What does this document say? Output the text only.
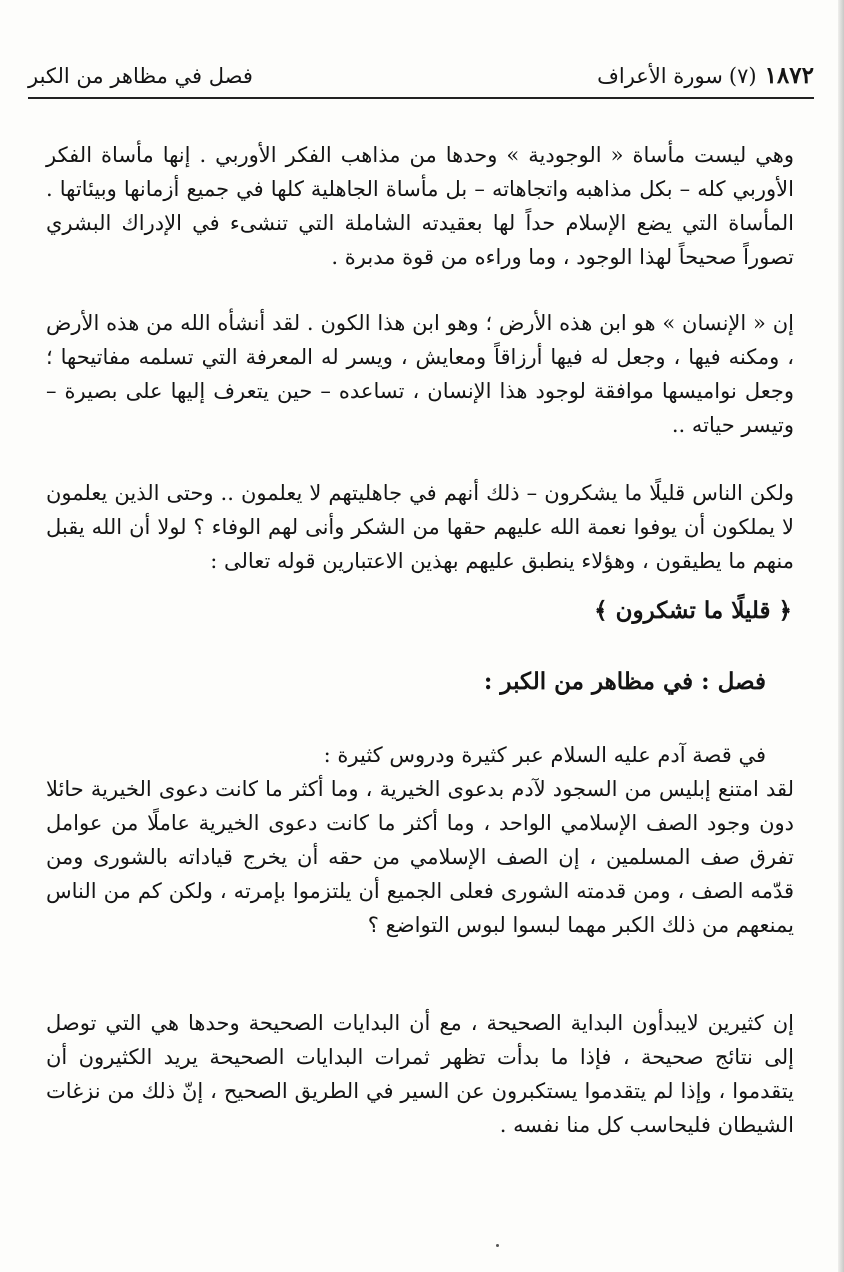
١٨٧٢(٧)سورة الأعراف
فصل في مظاهر من الكبر

وهي ليست مأساة « الوجودية » وحدها من مذاهب الفكر الأوربي . إنها مأساة الفكر الأوربي كله – بكل مذاهبه واتجاهاته – بل مأساة الجاهلية كلها في جميع أزمانها وبيئاتها . المأساة التي يضع الإسلام حداً لها بعقيدته الشاملة التي تنشىء في الإدراك البشري تصوراً صحيحاً لهذا الوجود ، وما وراءه من قوة مدبرة .

إن « الإنسان » هو ابن هذه الأرض ؛ وهو ابن هذا الكون . لقد أنشأه الله من هذه الأرض ، ومكنه فيها ، وجعل له فيها أرزاقاً ومعايش ، ويسر له المعرفة التي تسلمه مفاتيحها ؛ وجعل نواميسها موافقة لوجود هذا الإنسان ، تساعده – حين يتعرف إليها على بصيرة – وتيسر حياته ..

ولكن الناس قليلًا ما يشكرون – ذلك أنهم في جاهليتهم لا يعلمون .. وحتى الذين يعلمون لا يملكون أن يوفوا نعمة الله عليهم حقها من الشكر وأنى لهم الوفاء ؟ لولا أن الله يقبل منهم ما يطيقون ، وهؤلاء ينطبق عليهم بهذين الاعتبارين قوله تعالى :

﴿ قليلًا ما تشكرون ﴾
فصل : في مظاهر من الكبر :

في قصة آدم عليه السلام عبر كثيرة ودروس كثيرة :

لقد امتنع إبليس من السجود لآدم بدعوى الخيرية ، وما أكثر ما كانت دعوى الخيرية حائلا دون وجود الصف الإسلامي الواحد ، وما أكثر ما كانت دعوى الخيرية عاملًا من عوامل تفرق صف المسلمين ، إن الصف الإسلامي من حقه أن يخرج قياداته بالشورى ومن قدّمه الصف ، ومن قدمته الشورى فعلى الجميع أن يلتزموا بإمرته ، ولكن كم من الناس يمنعهم من ذلك الكبر مهما لبسوا لبوس التواضع ؟

إن كثيرين لايبدأون البداية الصحيحة ، مع أن البدايات الصحيحة وحدها هي التي توصل إلى نتائج صحيحة ، فإذا ما بدأت تظهر ثمرات البدايات الصحيحة يريد الكثيرون أن يتقدموا ، وإذا لم يتقدموا يستكبرون عن السير في الطريق الصحيح ، إنّ ذلك من نزغات الشيطان فليحاسب كل منا نفسه .
